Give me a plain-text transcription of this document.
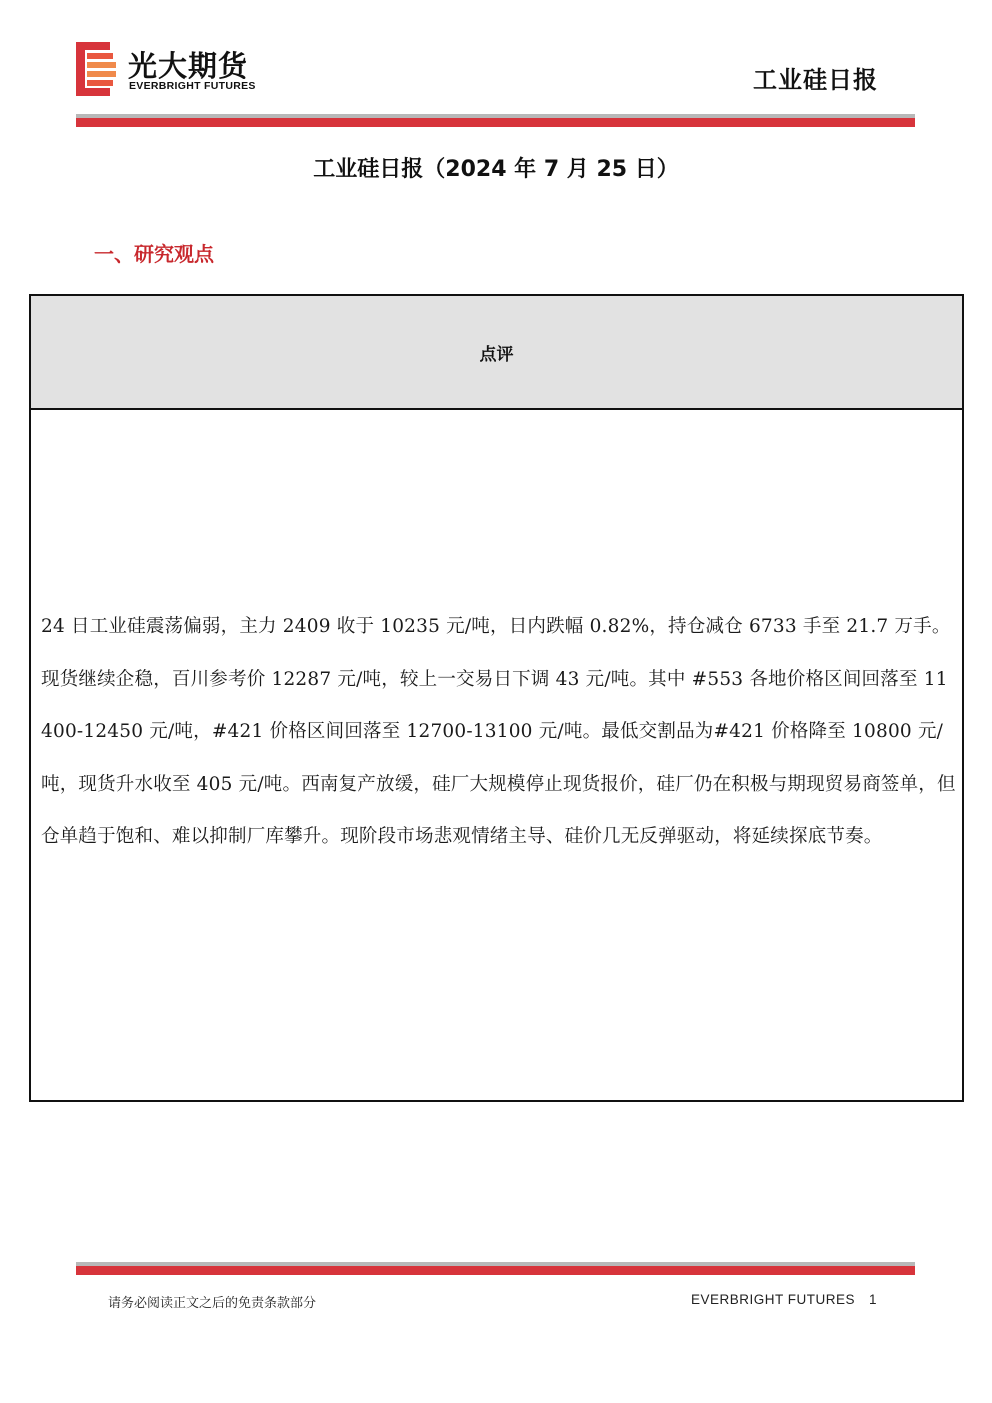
光大期货
EVERBRIGHT FUTURES	工业硅日报
工业硅日报（2024 年 7 月 25 日）
一、研究观点
点评
24 日工业硅震荡偏弱，主力 2409 收于 10235 元/吨，日内跌幅 0.82%，持仓减仓 6733 手至 21.7 万手。现货继续企稳，百川参考价 12287 元/吨，较上一交易日下调 43 元/吨。其中 #553 各地价格区间回落至 11400-12450 元/吨，#421 价格区间回落至 12700-13100 元/吨。最低交割品为#421 价格降至 10800 元/吨，现货升水收至 405 元/吨。西南复产放缓，硅厂大规模停止现货报价，硅厂仍在积极与期现贸易商签单，但仓单趋于饱和、难以抑制厂库攀升。现阶段市场悲观情绪主导、硅价几无反弹驱动，将延续探底节奏。
请务必阅读正文之后的免责条款部分	EVERBRIGHT FUTURES 1
